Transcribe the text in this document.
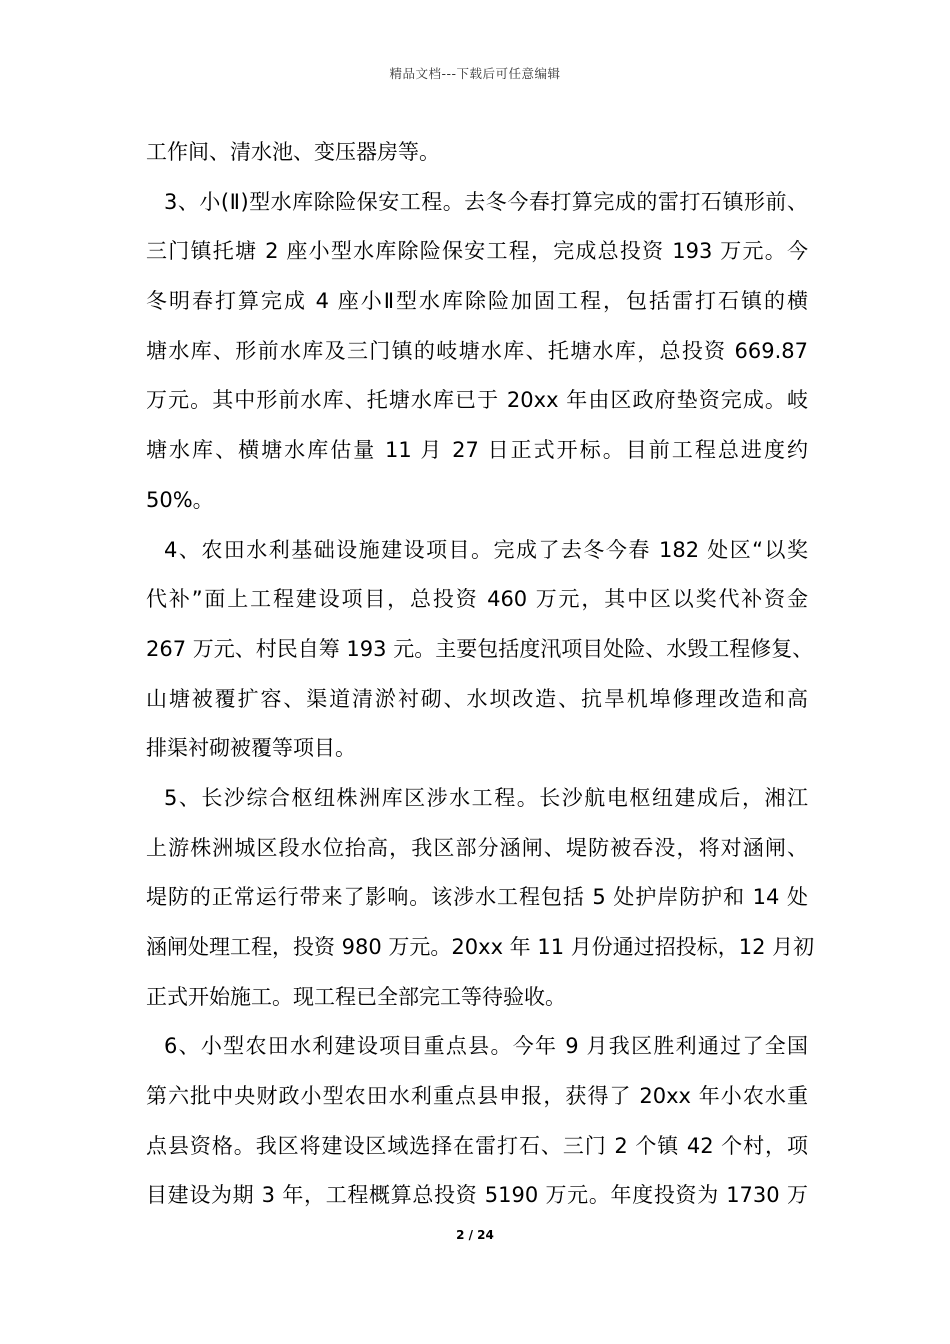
精品文档---下载后可任意编辑
工作间、清水池、变压器房等。
3、小(Ⅱ)型水库除险保安工程。去冬今春打算完成的雷打石镇形前、
三门镇托塘 2 座小型水库除险保安工程，完成总投资 193 万元。今
冬明春打算完成 4 座小Ⅱ型水库除险加固工程，包括雷打石镇的横
塘水库、形前水库及三门镇的岐塘水库、托塘水库，总投资 669.87
万元。其中形前水库、托塘水库已于 20xx 年由区政府垫资完成。岐
塘水库、横塘水库估量 11 月 27 日正式开标。目前工程总进度约
50%。
4、农田水利基础设施建设项目。完成了去冬今春 182 处区“以奖
代补”面上工程建设项目，总投资 460 万元，其中区以奖代补资金
267 万元、村民自筹 193 元。主要包括度汛项目处险、水毁工程修复、
山塘被覆扩容、渠道清淤衬砌、水坝改造、抗旱机埠修理改造和高
排渠衬砌被覆等项目。
5、长沙综合枢纽株洲库区涉水工程。长沙航电枢纽建成后，湘江
上游株洲城区段水位抬高，我区部分涵闸、堤防被吞没，将对涵闸、
堤防的正常运行带来了影响。该涉水工程包括 5 处护岸防护和 14 处
涵闸处理工程，投资 980 万元。20xx 年 11 月份通过招投标，12 月初
正式开始施工。现工程已全部完工等待验收。
6、小型农田水利建设项目重点县。今年 9 月我区胜利通过了全国
第六批中央财政小型农田水利重点县申报，获得了 20xx 年小农水重
点县资格。我区将建设区域选择在雷打石、三门 2 个镇 42 个村，项
目建设为期 3 年，工程概算总投资 5190 万元。年度投资为 1730 万
2 / 24
